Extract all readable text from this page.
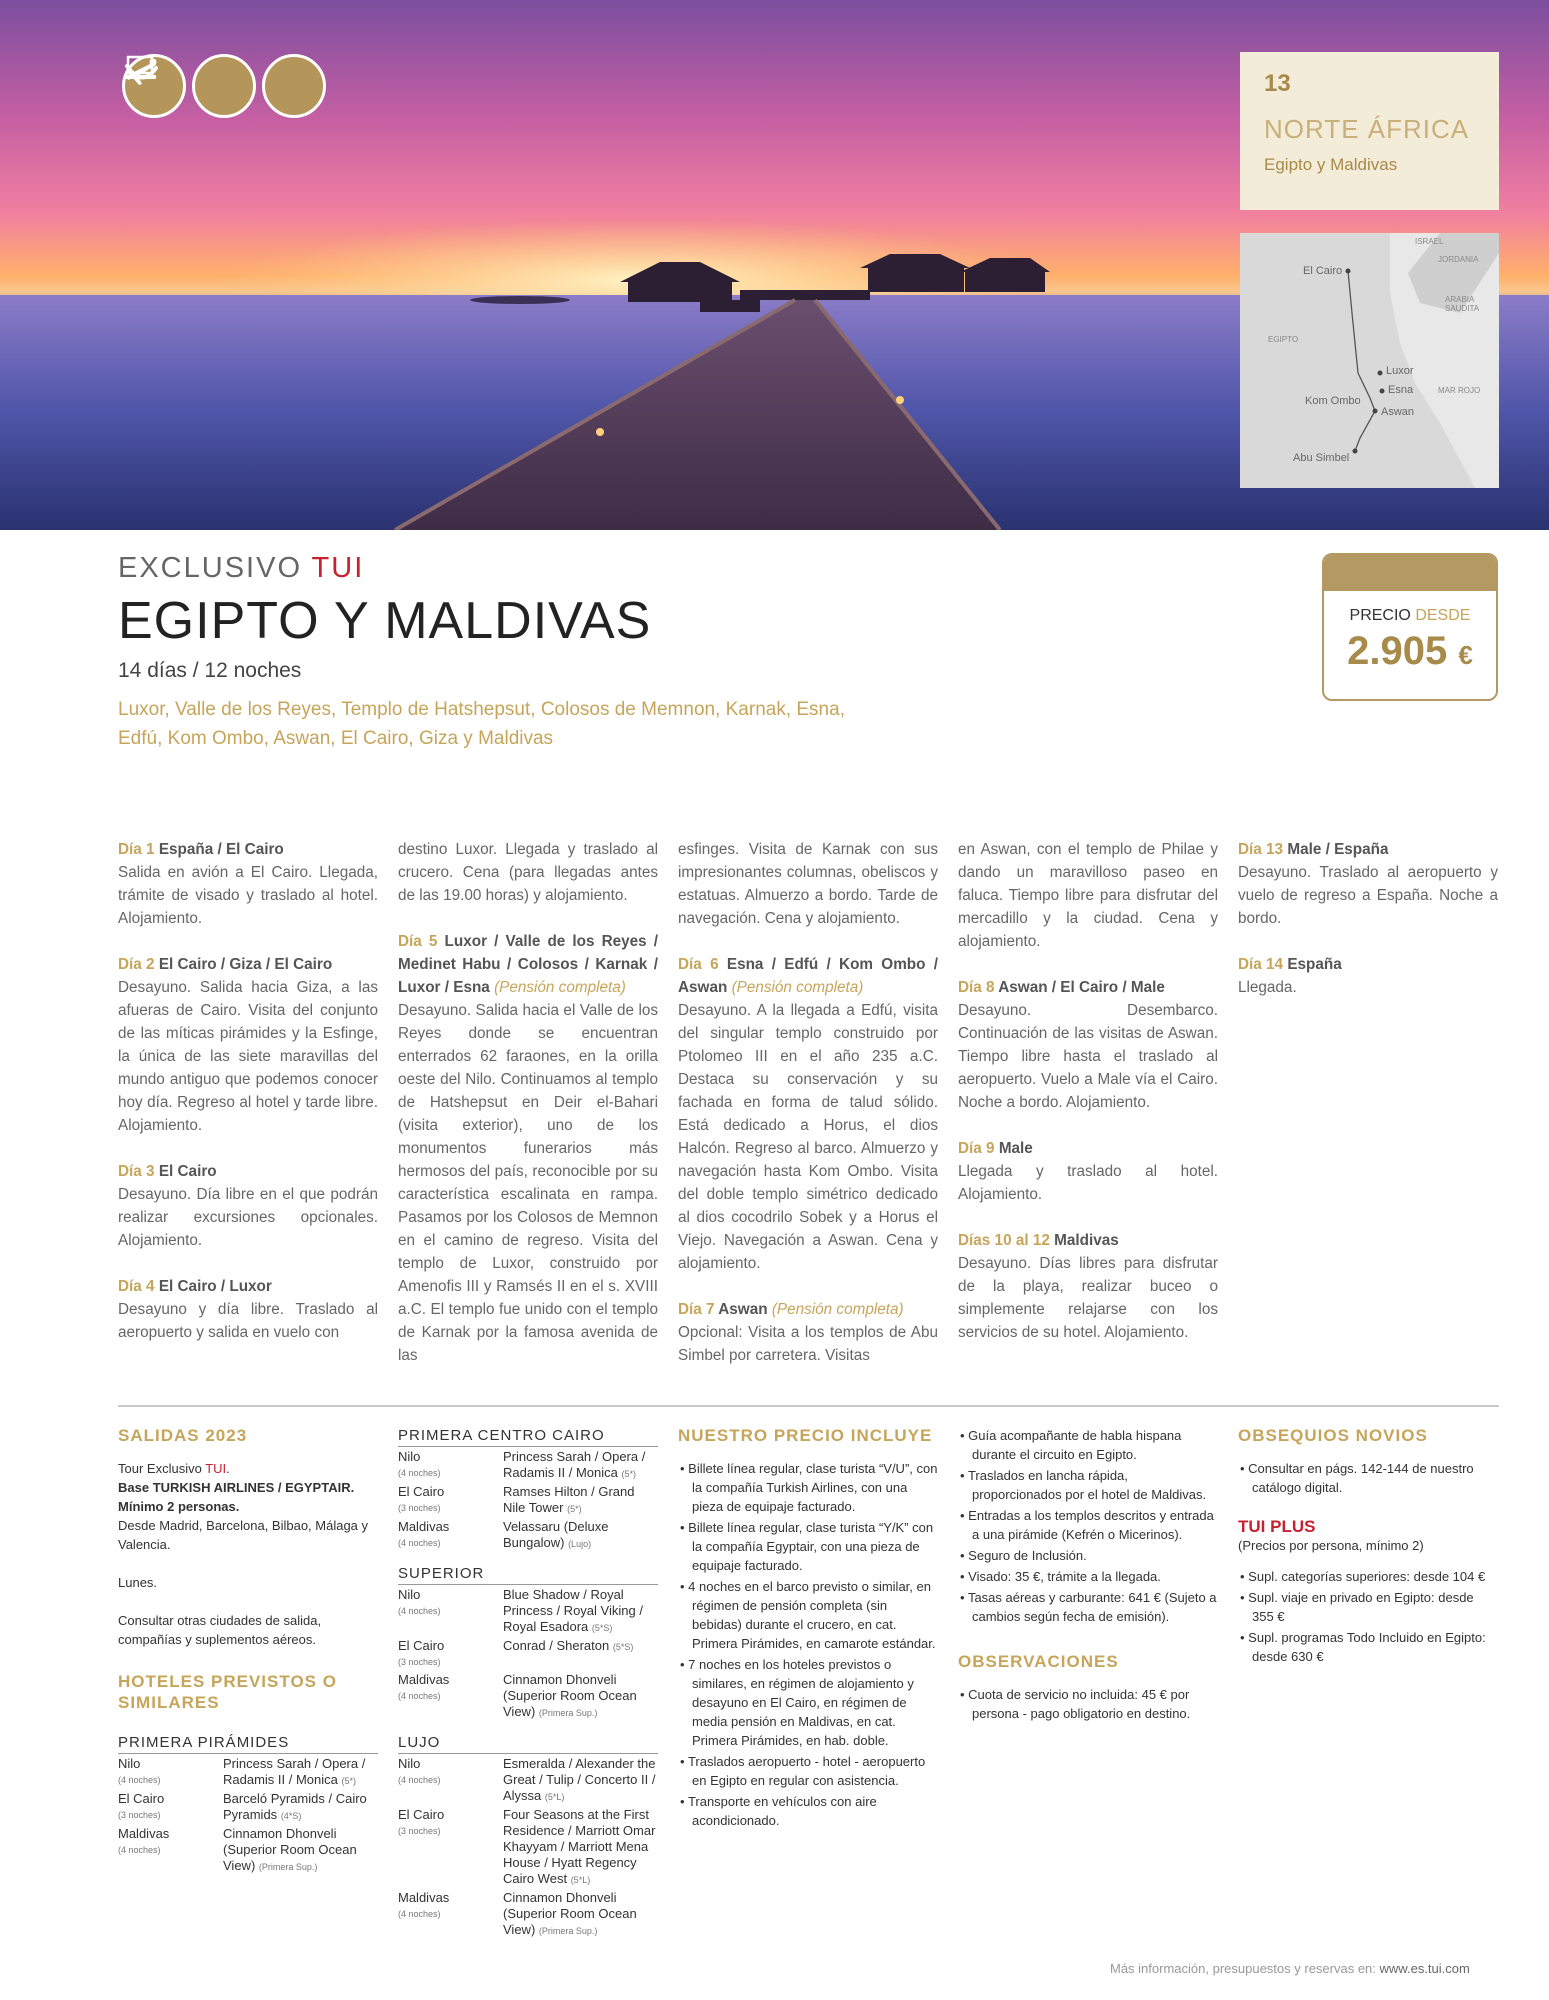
13
NORTE ÁFRICA
Egipto y Maldivas
ISRAEL
JORDANIA
El Cairo
ARABIA SAUDITA
EGIPTO
Luxor
Esna	MAR ROJO
Kom Ombo
Aswan
Abu Simbel
EXCLUSIVO TUI
EGIPTO Y MALDIVAS
14 días / 12 noches
Luxor, Valle de los Reyes, Templo de Hatshepsut, Colosos de Memnon, Karnak, Esna, Edfú, Kom Ombo, Aswan, El Cairo, Giza y Maldivas
PRECIO DESDE
2.905 €
Día 1 España / El Cairo
Salida en avión a El Cairo. Llegada, trámite de visado y traslado al hotel. Alojamiento.
Día 2 El Cairo / Giza / El Cairo
Desayuno. Salida hacia Giza, a las afueras de Cairo. Visita del conjunto de las míticas pirámides y la Esfinge, la única de las siete maravillas del mundo antiguo que podemos conocer hoy día. Regreso al hotel y tarde libre. Alojamiento.
Día 3 El Cairo
Desayuno. Día libre en el que podrán realizar excursiones opcionales. Alojamiento.
Día 4 El Cairo / Luxor
Desayuno y día libre. Traslado al aeropuerto y salida en vuelo con
destino Luxor. Llegada y traslado al crucero. Cena (para llegadas antes de las 19.00 horas) y alojamiento.
Día 5 Luxor / Valle de los Reyes / Medinet Habu / Colosos / Karnak / Luxor / Esna (Pensión completa)
Desayuno. Salida hacia el Valle de los Reyes donde se encuentran enterrados 62 faraones, en la orilla oeste del Nilo. Continuamos al templo de Hatshepsut en Deir el-Bahari (visita exterior), uno de los monumentos funerarios más hermosos del país, reconocible por su característica escalinata en rampa. Pasamos por los Colosos de Memnon en el camino de regreso. Visita del templo de Luxor, construido por Amenofis III y Ramsés II en el s. XVIII a.C. El templo fue unido con el templo de Karnak por la famosa avenida de las
esfinges. Visita de Karnak con sus impresionantes columnas, obeliscos y estatuas. Almuerzo a bordo. Tarde de navegación. Cena y alojamiento.
Día 6 Esna / Edfú / Kom Ombo / Aswan (Pensión completa)
Desayuno. A la llegada a Edfú, visita del singular templo construido por Ptolomeo III en el año 235 a.C. Destaca su conservación y su fachada en forma de talud sólido. Está dedicado a Horus, el dios Halcón. Regreso al barco. Almuerzo y navegación hasta Kom Ombo. Visita del doble templo simétrico dedicado al dios cocodrilo Sobek y a Horus el Viejo. Navegación a Aswan. Cena y alojamiento.
Día 7 Aswan (Pensión completa)
Opcional: Visita a los templos de Abu Simbel por carretera. Visitas
en Aswan, con el templo de Philae y dando un maravilloso paseo en faluca. Tiempo libre para disfrutar del mercadillo y la ciudad. Cena y alojamiento.
Día 8 Aswan / El Cairo / Male
Desayuno. Desembarco. Continuación de las visitas de Aswan. Tiempo libre hasta el traslado al aeropuerto. Vuelo a Male vía el Cairo. Noche a bordo. Alojamiento.
Día 9 Male
Llegada y traslado al hotel. Alojamiento.
Días 10 al 12 Maldivas
Desayuno. Días libres para disfrutar de la playa, realizar buceo o simplemente relajarse con los servicios de su hotel. Alojamiento.
Día 13 Male / España
Desayuno. Traslado al aeropuerto y vuelo de regreso a España. Noche a bordo.
Día 14 España
Llegada.
SALIDAS 2023
Tour Exclusivo TUI.
Base TURKISH AIRLINES / EGYPTAIR.
Mínimo 2 personas.
Desde Madrid, Barcelona, Bilbao, Málaga y Valencia.
Lunes.
Consultar otras ciudades de salida, compañías y suplementos aéreos.
HOTELES PREVISTOS O SIMILARES
PRIMERA PIRÁMIDES
Nilo
(4 noches)
Princess Sarah / Opera / Radamis II / Monica (5*)
El Cairo
(3 noches)
Barceló Pyramids / Cairo Pyramids (4*S)
Maldivas
(4 noches)
Cinnamon Dhonveli (Superior Room Ocean View) (Primera Sup.)
PRIMERA CENTRO CAIRO
Nilo
(4 noches)
Princess Sarah / Opera / Radamis II / Monica (5*)
El Cairo
(3 noches)
Ramses Hilton / Grand Nile Tower (5*)
Maldivas
(4 noches)
Velassaru (Deluxe Bungalow) (Lujo)
SUPERIOR
Nilo
(4 noches)
Blue Shadow / Royal Princess / Royal Viking / Royal Esadora (5*S)
El Cairo
(3 noches)
Conrad / Sheraton (5*S)
Maldivas
(4 noches)
Cinnamon Dhonveli (Superior Room Ocean View) (Primera Sup.)
LUJO
Nilo
(4 noches)
Esmeralda / Alexander the Great / Tulip / Concerto II / Alyssa (5*L)
El Cairo
(3 noches)
Four Seasons at the First Residence / Marriott Omar Khayyam / Marriott Mena House / Hyatt Regency Cairo West (5*L)
Maldivas
(4 noches)
Cinnamon Dhonveli (Superior Room Ocean View) (Primera Sup.)
NUESTRO PRECIO INCLUYE
• Billete línea regular, clase turista “V/U”, con la compañía Turkish Airlines, con una pieza de equipaje facturado.
• Billete línea regular, clase turista “Y/K” con la compañía Egyptair, con una pieza de equipaje facturado.
• 4 noches en el barco previsto o similar, en régimen de pensión completa (sin bebidas) durante el crucero, en cat. Primera Pirámides, en camarote estándar.
• 7 noches en los hoteles previstos o similares, en régimen de alojamiento y desayuno en El Cairo, en régimen de media pensión en Maldivas, en cat. Primera Pirámides, en hab. doble.
• Traslados aeropuerto - hotel - aeropuerto en Egipto en regular con asistencia.
• Transporte en vehículos con aire acondicionado.
• Guía acompañante de habla hispana durante el circuito en Egipto.
• Traslados en lancha rápida, proporcionados por el hotel de Maldivas.
• Entradas a los templos descritos y entrada a una pirámide (Kefrén o Micerinos).
• Seguro de Inclusión.
• Visado: 35 €, trámite a la llegada.
• Tasas aéreas y carburante: 641 € (Sujeto a cambios según fecha de emisión).
OBSERVACIONES
• Cuota de servicio no incluida: 45 € por persona - pago obligatorio en destino.
OBSEQUIOS NOVIOS
• Consultar en págs. 142-144 de nuestro catálogo digital.
TUI PLUS
(Precios por persona, mínimo 2)
• Supl. categorías superiores: desde 104 €
• Supl. viaje en privado en Egipto: desde 355 €
• Supl. programas Todo Incluido en Egipto: desde 630 €
Más información, presupuestos y reservas en: www.es.tui.com
